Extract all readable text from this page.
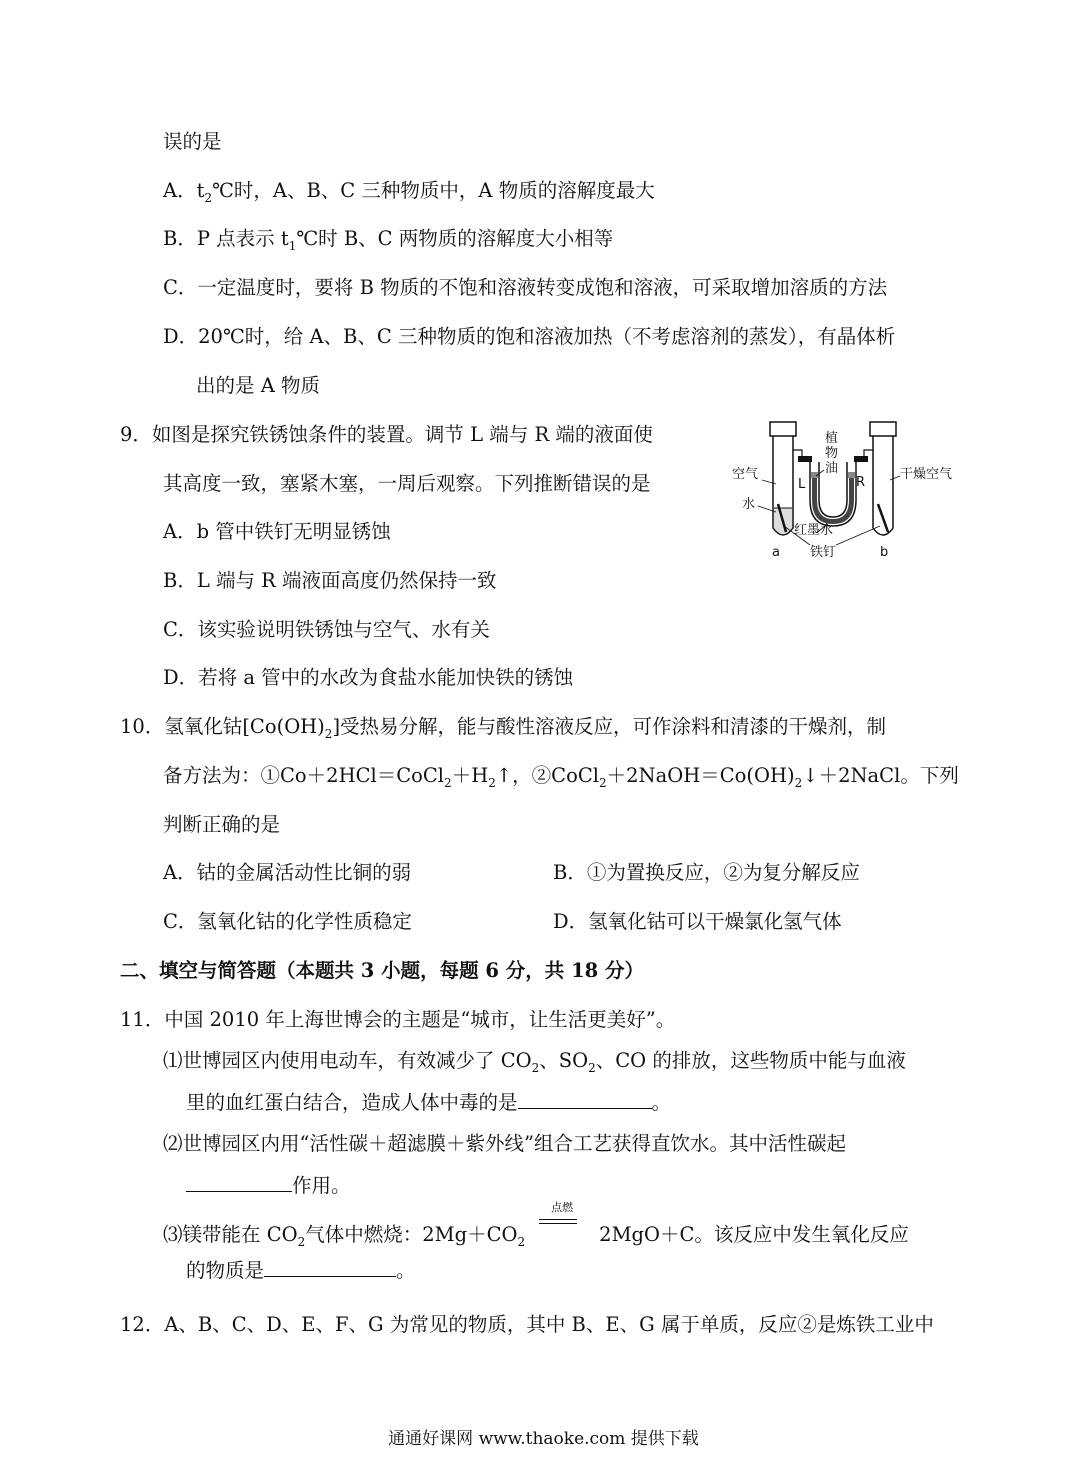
误的是
A．$t_2℃$时，A、B、C 三种物质中，A 物质的溶解度最大
B．P 点表示 $t_1℃$时 B、C 两物质的溶解度大小相等
C．一定温度时，要将 B 物质的不饱和溶液转变成饱和溶液，可采取增加溶质的方法
D．20℃时，给 A、B、C 三种物质的饱和溶液加热（不考虑溶剂的蒸发），有晶体析
出的是 A 物质
9．如图是探究铁锈蚀条件的装置。调节 L 端与 R 端的液面使
其高度一致，塞紧木塞，一周后观察。下列推断错误的是
A．b 管中铁钉无明显锈蚀
B．L 端与 R 端液面高度仍然保持一致
C．该实验说明铁锈蚀与空气、水有关
D．若将 a 管中的水改为食盐水能加快铁的锈蚀
植
物
油
空气
L	R
干燥空气
水
红墨水
铁钉
a	b
10．氢氧化钴$[Co(OH)_2]$受热易分解，能与酸性溶液反应，可作涂料和清漆的干燥剂，制
备方法为：$①Co+2HCl=CoCl_2+H_2↑$，$②CoCl_2+2NaOH=Co(OH)_2↓+2NaCl$。下列
判断正确的是
A．钴的金属活动性比铜的弱	B．①为置换反应，②为复分解反应
C．氢氧化钴的化学性质稳定	D．氢氧化钴可以干燥氯化氢气体
二、填空与简答题（本题共 3 小题，每题 6 分，共 18 分）
11．中国 2010 年上海世博会的主题是“城市，让生活更美好”。
⑴世博园区内使用电动车，有效减少了 $CO_2$、$SO_2$、CO 的排放，这些物质中能与血液
里的血红蛋白结合，造成人体中毒的是	。
⑵世博园区内用“活性碳＋超滤膜＋紫外线”组合工艺获得直饮水。其中活性碳起
作用。
⑶镁带能在 $CO_2$气体中燃烧：$2Mg+CO_2$
点燃
2MgO＋C。该反应中发生氧化反应
的物质是	。
12．A、B、C、D、E、F、G 为常见的物质，其中 B、E、G 属于单质，反应②是炼铁工业中
通通好课网 www.thaoke.com 提供下载
